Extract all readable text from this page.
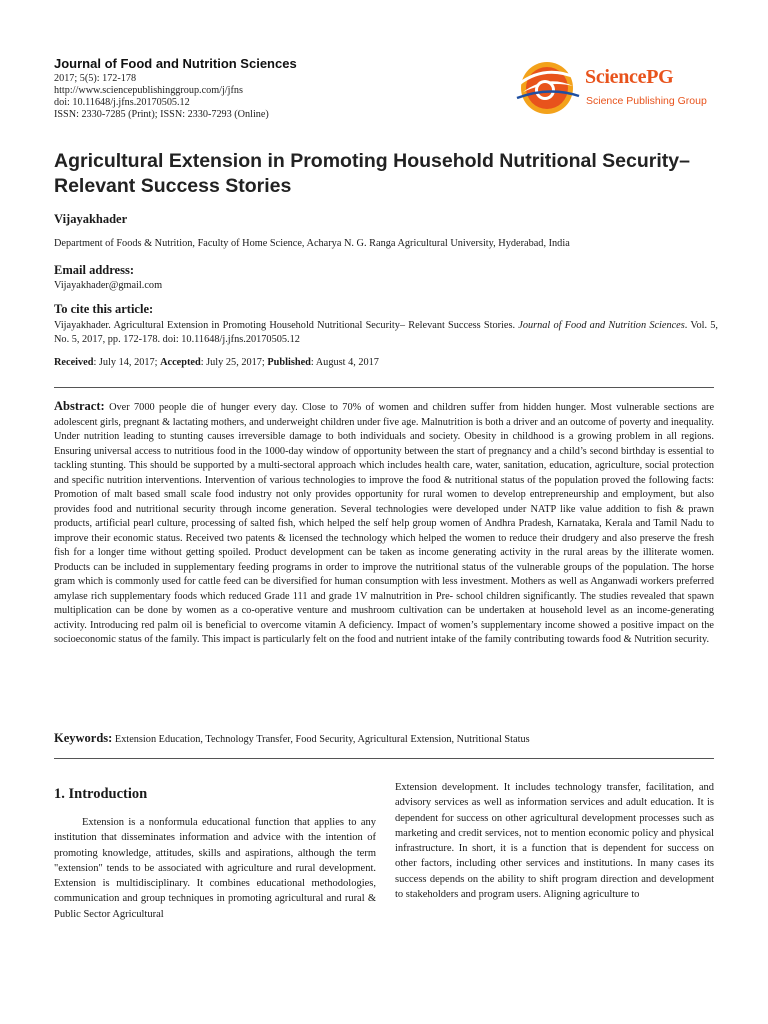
Journal of Food and Nutrition Sciences
2017; 5(5): 172-178
http://www.sciencepublishinggroup.com/j/jfns
doi: 10.11648/j.jfns.20170505.12
ISSN: 2330-7285 (Print); ISSN: 2330-7293 (Online)
SciencePG
Science Publishing Group
Agricultural Extension in Promoting Household Nutritional Security– Relevant Success Stories
Vijayakhader
Department of Foods & Nutrition, Faculty of Home Science, Acharya N. G. Ranga Agricultural University, Hyderabad, India
Email address:
Vijayakhader@gmail.com
To cite this article:
Vijayakhader. Agricultural Extension in Promoting Household Nutritional Security– Relevant Success Stories. Journal of Food and Nutrition Sciences. Vol. 5, No. 5, 2017, pp. 172-178. doi: 10.11648/j.jfns.20170505.12
Received: July 14, 2017; Accepted: July 25, 2017; Published: August 4, 2017
Abstract: Over 7000 people die of hunger every day. Close to 70% of women and children suffer from hidden hunger. Most vulnerable sections are adolescent girls, pregnant & lactating mothers, and underweight children under five age. Malnutrition is both a driver and an outcome of poverty and inequality. Under nutrition leading to stunting causes irreversible damage to both individuals and society. Obesity in childhood is a growing problem in all regions. Ensuring universal access to nutritious food in the 1000-day window of opportunity between the start of pregnancy and a child’s second birthday is essential to tackling stunting. This should be supported by a multi-sectoral approach which includes health care, water, sanitation, education, agriculture, social protection and specific nutrition interventions. Intervention of various technologies to improve the food & nutritional status of the population proved the following facts: Promotion of malt based small scale food industry not only provides opportunity for rural women to develop entrepreneurship and employment, but also provides food and nutritional security through income generation. Several technologies were developed under NATP like value addition to fish & prawn products, artificial pearl culture, processing of salted fish, which helped the self help group women of Andhra Pradesh, Karnataka, Kerala and Tamil Nadu to improve their economic status. Received two patents & licensed the technology which helped the women to reduce their drudgery and also preserve the fresh fish for a longer time without getting spoiled. Product development can be taken as income generating activity in the rural areas by the illiterate women. Products can be included in supplementary feeding programs in order to improve the nutritional status of the vulnerable groups of the population. The horse gram which is commonly used for cattle feed can be diversified for human consumption with less investment. Mothers as well as Anganwadi workers preferred amylase rich supplementary foods which reduced Grade 111 and grade 1V malnutrition in Pre- school children significantly. The studies revealed that spawn multiplication can be done by women as a co-operative venture and mushroom cultivation can be undertaken at household level as an income-generating activity. Introducing red palm oil is beneficial to overcome vitamin A deficiency. Impact of women’s supplementary income showed a positive impact on the socioeconomic status of the family. This impact is particularly felt on the food and nutrient intake of the family contributing towards food & Nutrition security.
Keywords: Extension Education, Technology Transfer, Food Security, Agricultural Extension, Nutritional Status
1. Introduction
Extension is a nonformula educational function that applies to any institution that disseminates information and advice with the intention of promoting knowledge, attitudes, skills and aspirations, although the term "extension" tends to be associated with agriculture and rural development. Extension is multidisciplinary. It combines educational methodologies, communication and group techniques in promoting agricultural and rural & Public Sector Agricultural
Extension development. It includes technology transfer, facilitation, and advisory services as well as information services and adult education. It is dependent for success on other agricultural development processes such as marketing and credit services, not to mention economic policy and physical infrastructure. In short, it is a function that is dependent for success on other factors, including other services and institutions. In many cases its success depends on the ability to shift program direction and development to stakeholders and program users. Aligning agriculture to
